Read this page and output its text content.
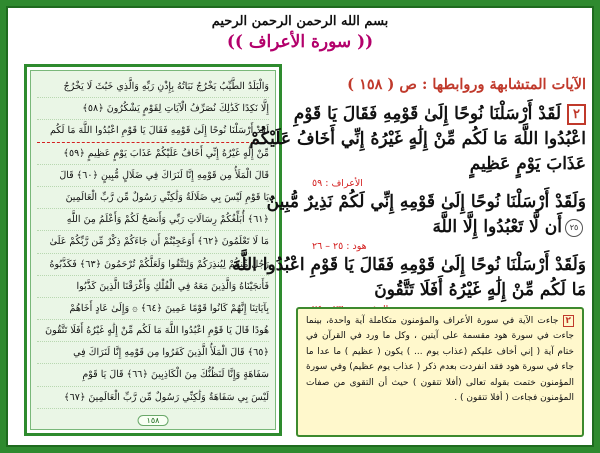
بسم الله الرحمن الرحمن الرحيم
(( سورة الأعراف ))
وَالْبَلَدُ الطَّيِّبُ يَخْرُجُ نَبَاتُهُ بِإِذْنِ رَبِّهِ وَالَّذِي خَبُثَ لَا يَخْرُجُ
إِلَّا نَكِدًا كَذَٰلِكَ نُصَرِّفُ الْآيَاتِ لِقَوْمٍ يَشْكُرُونَ ﴿٥٨﴾
لَقَدْ أَرْسَلْنَا نُوحًا إِلَىٰ قَوْمِهِ فَقَالَ يَا قَوْمِ اعْبُدُوا اللَّهَ مَا لَكُم
مِّنْ إِلَٰهٍ غَيْرُهُ إِنِّي أَخَافُ عَلَيْكُمْ عَذَابَ يَوْمٍ عَظِيمٍ ﴿٥٩﴾
قَالَ الْمَلَأُ مِن قَوْمِهِ إِنَّا لَنَرَاكَ فِي ضَلَالٍ مُّبِينٍ ﴿٦٠﴾ قَالَ
يَا قَوْمِ لَيْسَ بِي ضَلَالَةٌ وَلَٰكِنِّي رَسُولٌ مِّن رَّبِّ الْعَالَمِينَ
﴿٦١﴾ أُبَلِّغُكُمْ رِسَالَاتِ رَبِّي وَأَنصَحُ لَكُمْ وَأَعْلَمُ مِنَ اللَّهِ
مَا لَا تَعْلَمُونَ ﴿٦٢﴾ أَوَعَجِبْتُمْ أَن جَاءَكُمْ ذِكْرٌ مِّن رَّبِّكُمْ عَلَىٰ
رَجُلٍ مِّنكُمْ لِيُنذِرَكُمْ وَلِتَتَّقُوا وَلَعَلَّكُمْ تُرْحَمُونَ ﴿٦٣﴾ فَكَذَّبُوهُ
فَأَنجَيْنَاهُ وَالَّذِينَ مَعَهُ فِي الْفُلْكِ وَأَغْرَقْنَا الَّذِينَ كَذَّبُوا
بِآيَاتِنَا إِنَّهُمْ كَانُوا قَوْمًا عَمِينَ ﴿٦٤﴾ ۞ وَإِلَىٰ عَادٍ أَخَاهُمْ
هُودًا قَالَ يَا قَوْمِ اعْبُدُوا اللَّهَ مَا لَكُم مِّنْ إِلَٰهٍ غَيْرُهُ أَفَلَا تَتَّقُونَ
﴿٦٥﴾ قَالَ الْمَلَأُ الَّذِينَ كَفَرُوا مِن قَوْمِهِ إِنَّا لَنَرَاكَ فِي
سَفَاهَةٍ وَإِنَّا لَنَظُنُّكَ مِنَ الْكَاذِبِينَ ﴿٦٦﴾ قَالَ يَا قَوْمِ
لَيْسَ بِي سَفَاهَةٌ وَلَٰكِنِّي رَسُولٌ مِّن رَّبِّ الْعَالَمِينَ ﴿٦٧﴾
١٥٨
الآيات المتشابهة وروابطها : ص ( ١٥٨ )
٢لَقَدْ أَرْسَلْنَا نُوحًا إِلَىٰ قَوْمِهِ فَقَالَ يَا قَوْمِ
اعْبُدُوا اللَّهَ مَا لَكُم مِّنْ إِلَٰهٍ غَيْرُهُ إِنِّي أَخَافُ عَلَيْكُمْ
عَذَابَ يَوْمٍ عَظِيمٍ
الأعراف : ٥٩
وَلَقَدْ أَرْسَلْنَا نُوحًا إِلَىٰ قَوْمِهِ إِنِّي لَكُمْ نَذِيرٌ مُّبِينٌ
٢٥أَن لَّا تَعْبُدُوا إِلَّا اللَّهَ
هود : ٢٥ – ٢٦
وَلَقَدْ أَرْسَلْنَا نُوحًا إِلَىٰ قَوْمِهِ فَقَالَ يَا قَوْمِ اعْبُدُوا اللَّهَ
مَا لَكُم مِّنْ إِلَٰهٍ غَيْرُهُ أَفَلَا تَتَّقُونَ
٢ جاءت الآية في سورة الأعراف والمؤمنون متكاملة آية واحدة، بينما جاءت في سورة هود مقسمة على آيتين ، وكل ما ورد في القرآن في ختام آية ( إني أخاف عليكم (عذاب يوم ... ) يكون ( عظيم ) ما عدا ما جاء في سورة هود فقد انفردت بعدم ذكر ( عذاب يوم عظيم) وفي سورة المؤمنون ختمت بقوله تعالى (أفلا تتقون ) حيث أن التقوى من صفات المؤمنون فجاءت ( أفلا تتقون ) .
